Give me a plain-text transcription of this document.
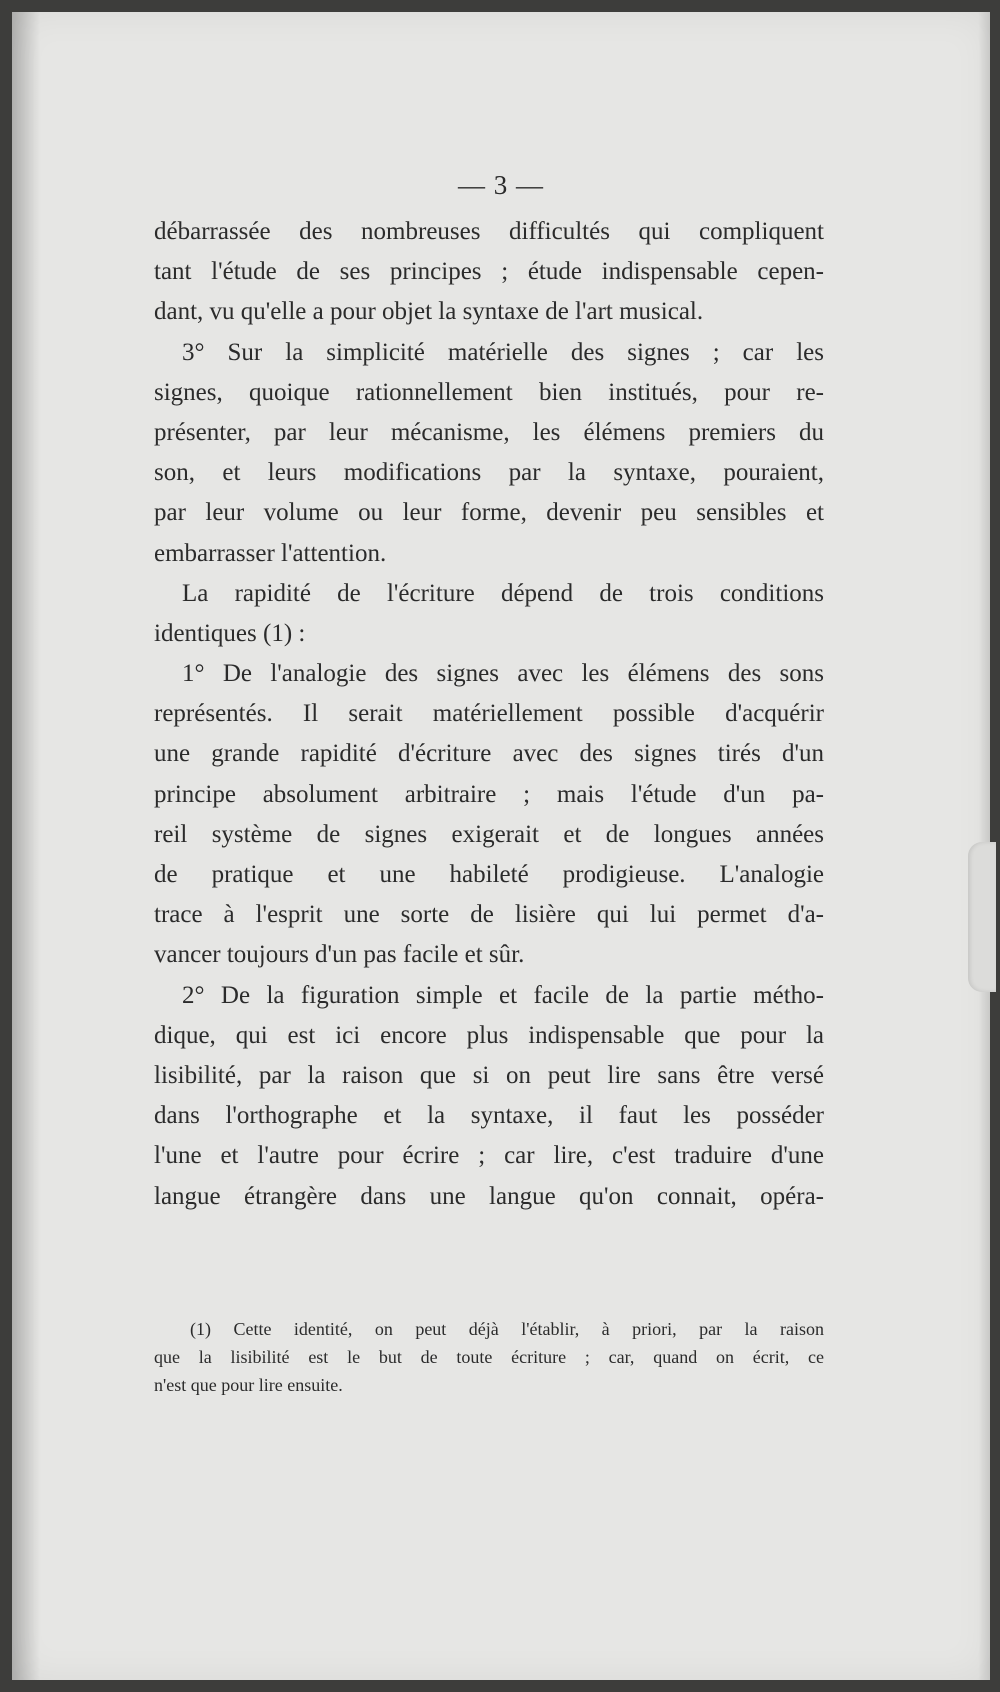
— 3 —
débarrassée des nombreuses difficultés qui compliquent
tant l'étude de ses principes ; étude indispensable cepen-
dant, vu qu'elle a pour objet la syntaxe de l'art musical.
3° Sur la simplicité matérielle des signes ; car les
signes, quoique rationnellement bien institués, pour re-
présenter, par leur mécanisme, les élémens premiers du
son, et leurs modifications par la syntaxe, pouraient,
par leur volume ou leur forme, devenir peu sensibles et
embarrasser l'attention.
La rapidité de l'écriture dépend de trois conditions
identiques (1) :
1° De l'analogie des signes avec les élémens des sons
représentés. Il serait matériellement possible d'acquérir
une grande rapidité d'écriture avec des signes tirés d'un
principe absolument arbitraire ; mais l'étude d'un pa-
reil système de signes exigerait et de longues années
de pratique et une habileté prodigieuse. L'analogie
trace à l'esprit une sorte de lisière qui lui permet d'a-
vancer toujours d'un pas facile et sûr.
2° De la figuration simple et facile de la partie métho-
dique, qui est ici encore plus indispensable que pour la
lisibilité, par la raison que si on peut lire sans être versé
dans l'orthographe et la syntaxe, il faut les posséder
l'une et l'autre pour écrire ; car lire, c'est traduire d'une
langue étrangère dans une langue qu'on connait, opéra-
(1) Cette identité, on peut déjà l'établir, à priori, par la raison
que la lisibilité est le but de toute écriture ; car, quand on écrit, ce
n'est que pour lire ensuite.
